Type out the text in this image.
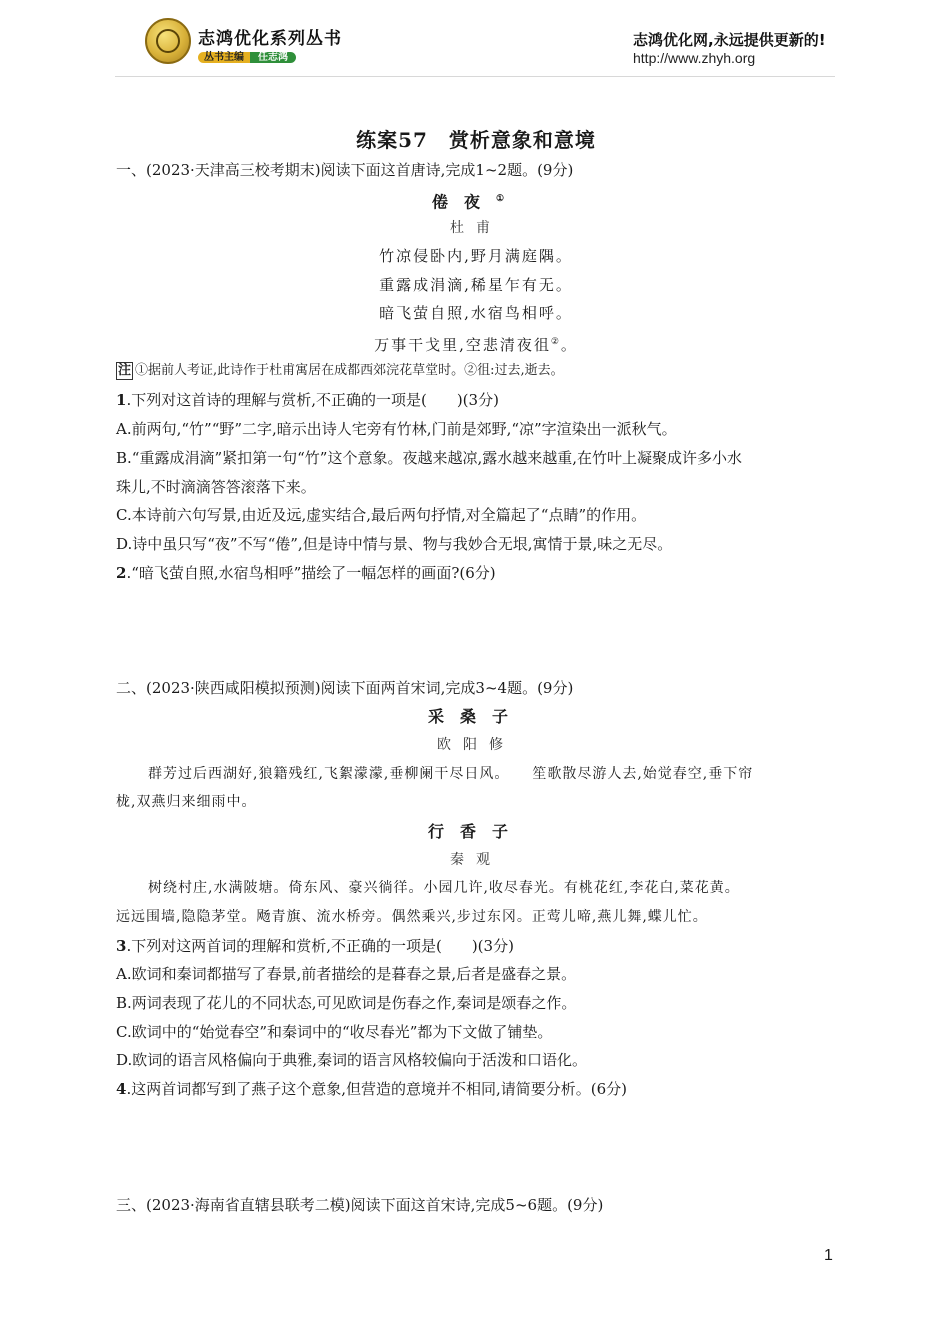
志鸿优化系列丛书
丛书主编 任志鸿
志鸿优化网,永远提供更新的!
http://www.zhyh.org
练案57　赏析意象和意境
一、(2023·天津高三校考期末)阅读下面这首唐诗,完成1~2题。(9分)
倦夜①
杜甫
竹凉侵卧内,野月满庭隅。
重露成涓滴,稀星乍有无。
暗飞萤自照,水宿鸟相呼。
万事干戈里,空悲清夜徂②。
注 ①据前人考证,此诗作于杜甫寓居在成都西郊浣花草堂时。②徂:过去,逝去。
1.下列对这首诗的理解与赏析,不正确的一项是(　　)(3分)
A.前两句,“竹”“野”二字,暗示出诗人宅旁有竹林,门前是郊野,“凉”字渲染出一派秋气。
B.“重露成涓滴”紧扣第一句“竹”这个意象。夜越来越凉,露水越来越重,在竹叶上凝聚成许多小水
珠儿,不时滴滴答答滚落下来。
C.本诗前六句写景,由近及远,虚实结合,最后两句抒情,对全篇起了“点睛”的作用。
D.诗中虽只写“夜”不写“倦”,但是诗中情与景、物与我妙合无垠,寓情于景,味之无尽。
2.“暗飞萤自照,水宿鸟相呼”描绘了一幅怎样的画面?(6分)
二、(2023·陕西咸阳模拟预测)阅读下面两首宋词,完成3~4题。(9分)
采桑子
欧阳修
群芳过后西湖好,狼籍残红,飞絮濛濛,垂柳阑干尽日风。　　笙歌散尽游人去,始觉春空,垂下帘
栊,双燕归来细雨中。
行香子
秦观
树绕村庄,水满陂塘。倚东风、豪兴徜徉。小园几许,收尽春光。有桃花红,李花白,菜花黄。
远远围墙,隐隐茅堂。飏青旗、流水桥旁。偶然乘兴,步过东冈。正莺儿啼,燕儿舞,蝶儿忙。
3.下列对这两首词的理解和赏析,不正确的一项是(　　)(3分)
A.欧词和秦词都描写了春景,前者描绘的是暮春之景,后者是盛春之景。
B.两词表现了花儿的不同状态,可见欧词是伤春之作,秦词是颂春之作。
C.欧词中的“始觉春空”和秦词中的“收尽春光”都为下文做了铺垫。
D.欧词的语言风格偏向于典雅,秦词的语言风格较偏向于活泼和口语化。
4.这两首词都写到了燕子这个意象,但营造的意境并不相同,请简要分析。(6分)
三、(2023·海南省直辖县联考二模)阅读下面这首宋诗,完成5~6题。(9分)
1
